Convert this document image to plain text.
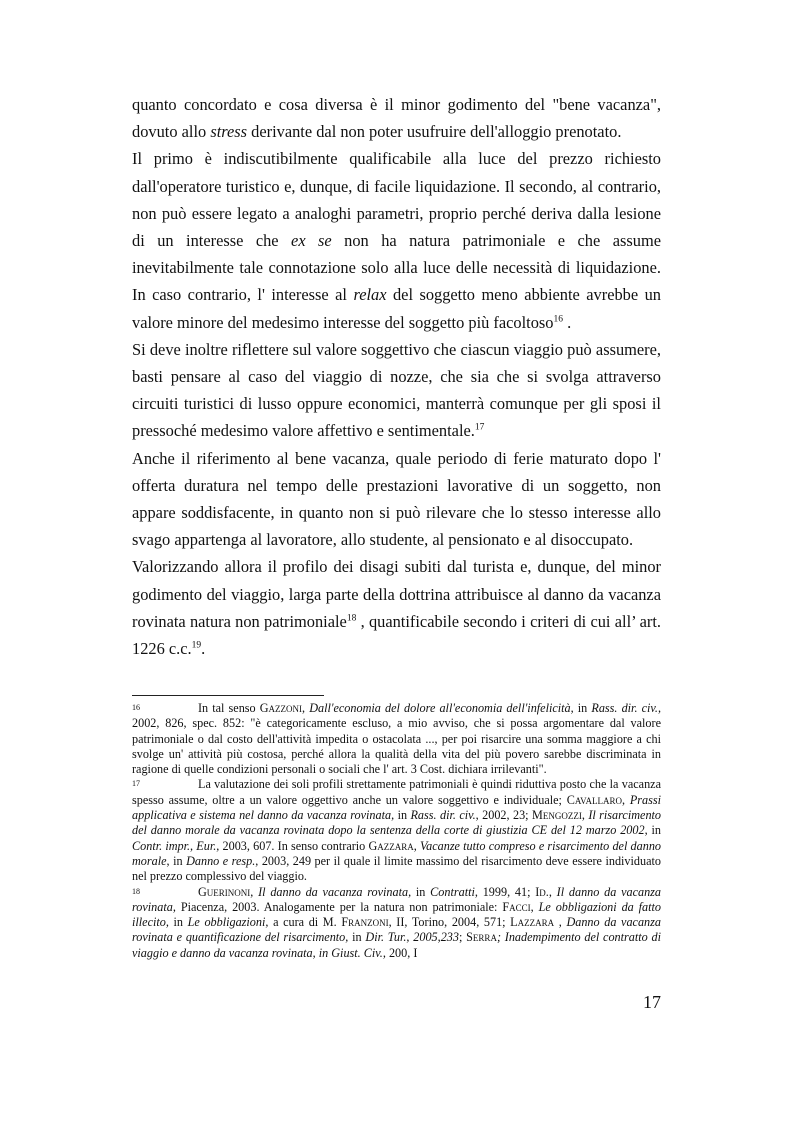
quanto concordato e cosa diversa è il minor godimento del "bene vacanza", dovuto allo stress derivante dal non poter usufruire dell'alloggio prenotato.

Il primo è indiscutibilmente qualificabile alla luce del prezzo richiesto dall'operatore turistico e, dunque, di facile liquidazione. Il secondo, al contrario, non può essere legato a analoghi parametri, proprio perché deriva dalla lesione di un interesse che ex se non ha natura patrimoniale e che assume inevitabilmente tale connotazione solo alla luce delle necessità di liquidazione. In caso contrario, l' interesse al relax del soggetto meno abbiente avrebbe un valore minore del medesimo interesse del soggetto più facoltoso$^{16}$ .

Si deve inoltre riflettere sul valore soggettivo che ciascun viaggio può assumere, basti pensare al caso del viaggio di nozze, che sia che si svolga attraverso circuiti turistici di lusso oppure economici, manterrà comunque per gli sposi il pressoché medesimo valore affettivo e sentimentale.$^{17}$

Anche il riferimento al bene vacanza, quale periodo di ferie maturato dopo l' offerta duratura nel tempo delle prestazioni lavorative di un soggetto, non appare soddisfacente, in quanto non si può rilevare che lo stesso interesse allo svago appartenga al lavoratore, allo studente, al pensionato e al disoccupato.

Valorizzando allora il profilo dei disagi subiti dal turista e, dunque, del minor godimento del viaggio, larga parte della dottrina attribuisce al danno da vacanza rovinata natura non patrimoniale$^{18}$ , quantificabile secondo i criteri di cui all’ art. 1226 c.c.$^{19}$.

16	In tal senso Gazzoni, Dall'economia del dolore all'economia dell'infelicità, in Rass. dir. civ., 2002, 826, spec. 852: "è categoricamente escluso, a mio avviso, che si possa argomentare dal valore patrimoniale o dal costo dell'attività impedita o ostacolata ..., per poi risarcire una somma maggiore a chi svolge un' attività più costosa, perché allora la qualità della vita del più povero sarebbe discriminata in ragione di quelle condizioni personali o sociali che l' art. 3 Cost. dichiara irrilevanti".

17	La valutazione dei soli profili strettamente patrimoniali è quindi riduttiva posto che la vacanza spesso assume, oltre a un valore oggettivo anche un valore soggettivo e individuale; Cavallaro, Prassi applicativa e sistema nel danno da vacanza rovinata, in Rass. dir. civ., 2002, 23; Mengozzi, Il risarcimento del danno morale da vacanza rovinata dopo la sentenza della corte di giustizia CE del 12 marzo 2002, in Contr. impr., Eur., 2003, 607. In senso contrario Gazzara, Vacanze tutto compreso e risarcimento del danno morale, in Danno e resp., 2003, 249 per il quale il limite massimo del risarcimento deve essere individuato nel prezzo complessivo del viaggio.

18	Guerinoni, Il danno da vacanza rovinata, in Contratti, 1999, 41; Id., Il danno da vacanza rovinata, Piacenza, 2003. Analogamente per la natura non patrimoniale: Facci, Le obbligazioni da fatto illecito, in Le obbligazioni, a cura di M. Franzoni, II, Torino, 2004, 571; Lazzara , Danno da vacanza rovinata e quantificazione del risarcimento, in Dir. Tur., 2005,233; Serra; Inadempimento del contratto di viaggio e danno da vacanza rovinata, in Giust. Civ., 200, I

17
